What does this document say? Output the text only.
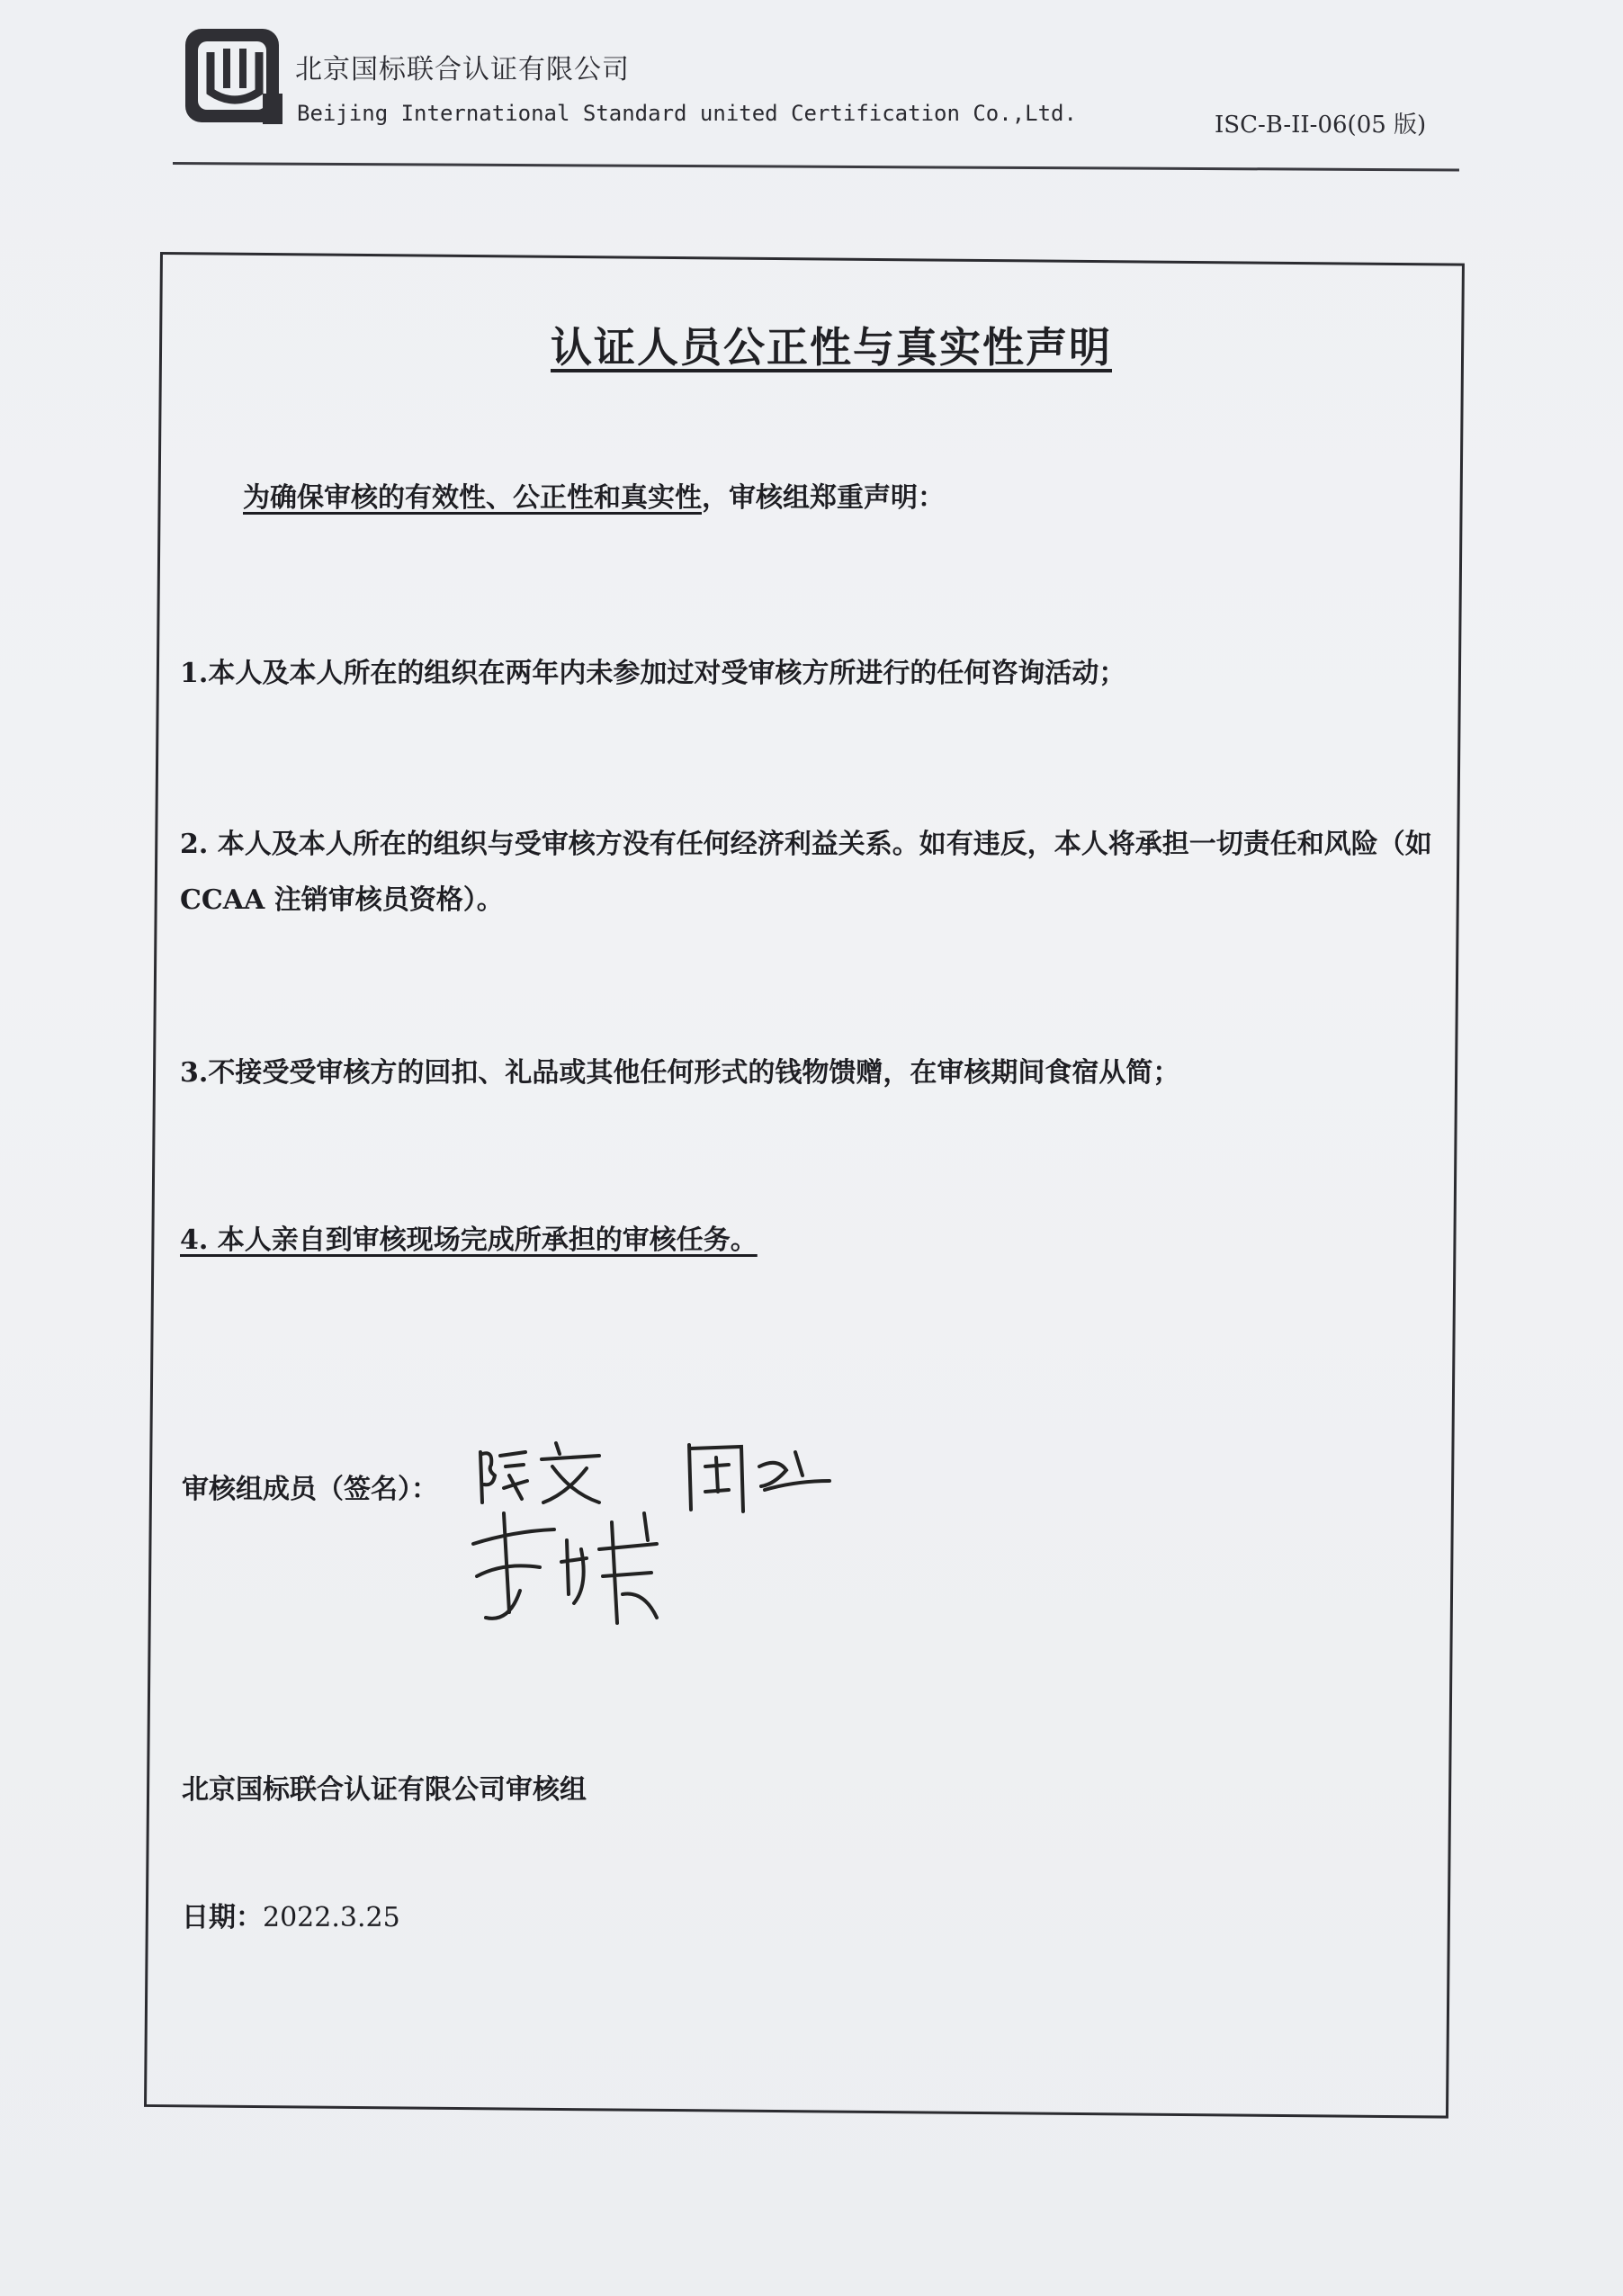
北京国标联合认证有限公司
Beijing International Standard united Certification Co.,Ltd.	ISC-B-II-06(05 版)
认证人员公正性与真实性声明
为确保审核的有效性、公正性和真实性，审核组郑重声明：
1.本人及本人所在的组织在两年内未参加过对受审核方所进行的任何咨询活动；
2. 本人及本人所在的组织与受审核方没有任何经济利益关系。如有违反，本人将承担一切责任和风险（如 CCAA 注销审核员资格）。
3.不接受受审核方的回扣、礼品或其他任何形式的钱物馈赠，在审核期间食宿从简；
4. 本人亲自到审核现场完成所承担的审核任务。
审核组成员（签名）：
北京国标联合认证有限公司审核组
日期：2022.3.25
